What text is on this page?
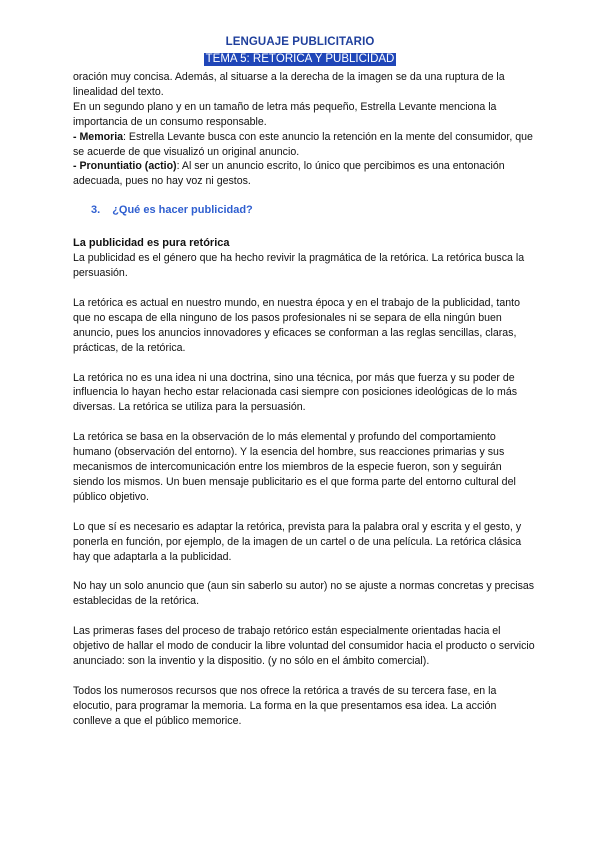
LENGUAJE PUBLICITARIO
TEMA 5: RETÓRICA Y PUBLICIDAD

oración muy concisa. Además, al situarse a la derecha de la imagen se da una ruptura de la linealidad del texto.

En un segundo plano y en un tamaño de letra más pequeño, Estrella Levante menciona la importancia de un consumo responsable.

- Memoria: Estrella Levante busca con este anuncio la retención en la mente del consumidor, que se acuerde de que visualizó un original anuncio.

- Pronuntiatio (actio): Al ser un anuncio escrito, lo único que percibimos es una entonación adecuada, pues no hay voz ni gestos.

3. ¿Qué es hacer publicidad?
La publicidad es pura retórica

La publicidad es el género que ha hecho revivir la pragmática de la retórica. La retórica busca la persuasión.

La retórica es actual en nuestro mundo, en nuestra época y en el trabajo de la publicidad, tanto que no escapa de ella ninguno de los pasos profesionales ni se separa de ella ningún buen anuncio, pues los anuncios innovadores y eficaces se conforman a las reglas sencillas, claras, prácticas, de la retórica.

La retórica no es una idea ni una doctrina, sino una técnica, por más que fuerza y su poder de influencia lo hayan hecho estar relacionada casi siempre con posiciones ideológicas de lo más diversas. La retórica se utiliza para la persuasión.

La retórica se basa en la observación de lo más elemental y profundo del comportamiento humano (observación del entorno). Y la esencia del hombre, sus reacciones primarias y sus mecanismos de intercomunicación entre los miembros de la especie fueron, son y seguirán siendo los mismos. Un buen mensaje publicitario es el que forma parte del entorno cultural del público objetivo.

Lo que sí es necesario es adaptar la retórica, prevista para la palabra oral y escrita y el gesto, y ponerla en función, por ejemplo, de la imagen de un cartel o de una película. La retórica clásica hay que adaptarla a la publicidad.

No hay un solo anuncio que (aun sin saberlo su autor) no se ajuste a normas concretas y precisas establecidas de la retórica.

Las primeras fases del proceso de trabajo retórico están especialmente orientadas hacia el objetivo de hallar el modo de conducir la libre voluntad del consumidor hacia el producto o servicio anunciado: son la inventio y la dispositio. (y no sólo en el ámbito comercial).

Todos los numerosos recursos que nos ofrece la retórica a través de su tercera fase, en la elocutio, para programar la memoria. La forma en la que presentamos esa idea. La acción conlleve a que el público memorice.
